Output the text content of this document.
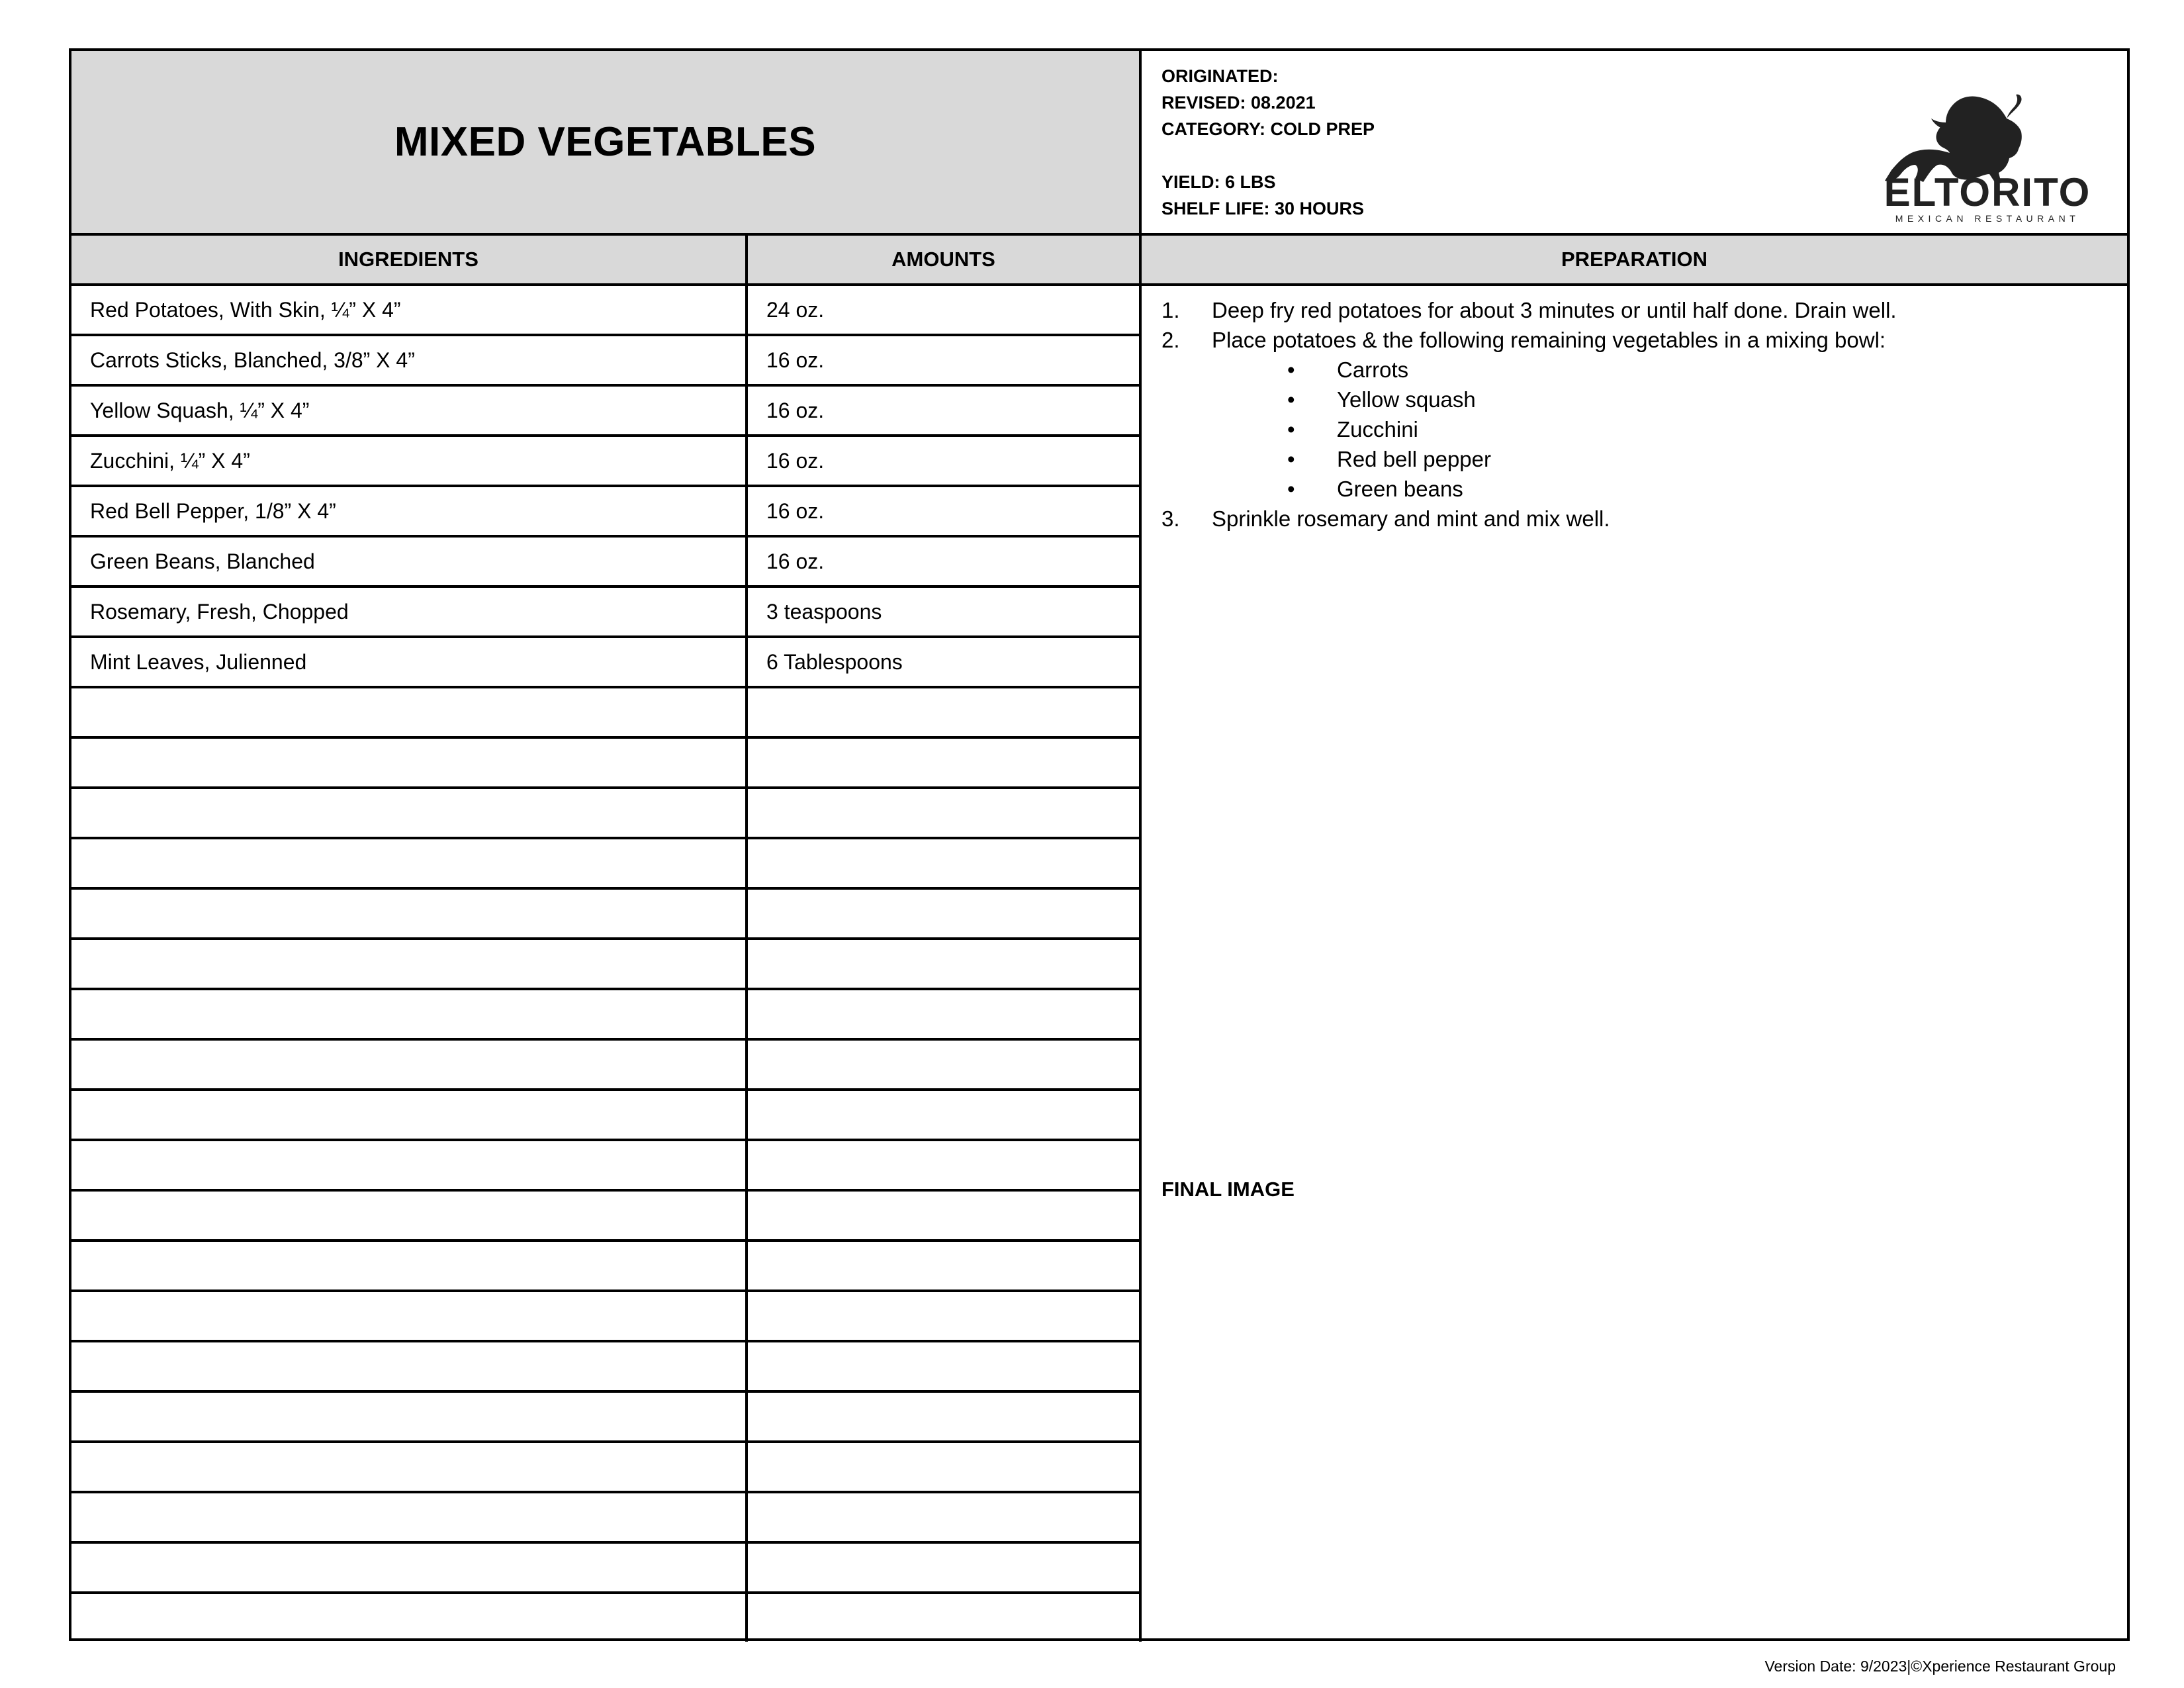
MIXED VEGETABLES
ORIGINATED:
REVISED: 08.2021
CATEGORY: COLD PREP
YIELD: 6 LBS
SHELF LIFE: 30 HOURS	ELTORITO
MEXICAN RESTAURANT
INGREDIENTS	AMOUNTS	PREPARATION
Red Potatoes, With Skin, ¼” X 4”	24 oz.
Carrots Sticks, Blanched, 3/8” X 4”	16 oz.
Yellow Squash, ¼” X 4”	16 oz.
Zucchini, ¼” X 4”	16 oz.
Red Bell Pepper, 1/8” X 4”	16 oz.
Green Beans, Blanched	16 oz.
Rosemary, Fresh, Chopped	3 teaspoons
Mint Leaves, Julienned	6 Tablespoons
1.	Deep fry red potatoes for about 3 minutes or until half done. Drain well.
2.	Place potatoes & the following remaining vegetables in a mixing bowl:
•	Carrots
•	Yellow squash
•	Zucchini
•	Red bell pepper
•	Green beans
3.	Sprinkle rosemary and mint and mix well.
FINAL IMAGE
Version Date: 9/2023|©Xperience Restaurant Group
